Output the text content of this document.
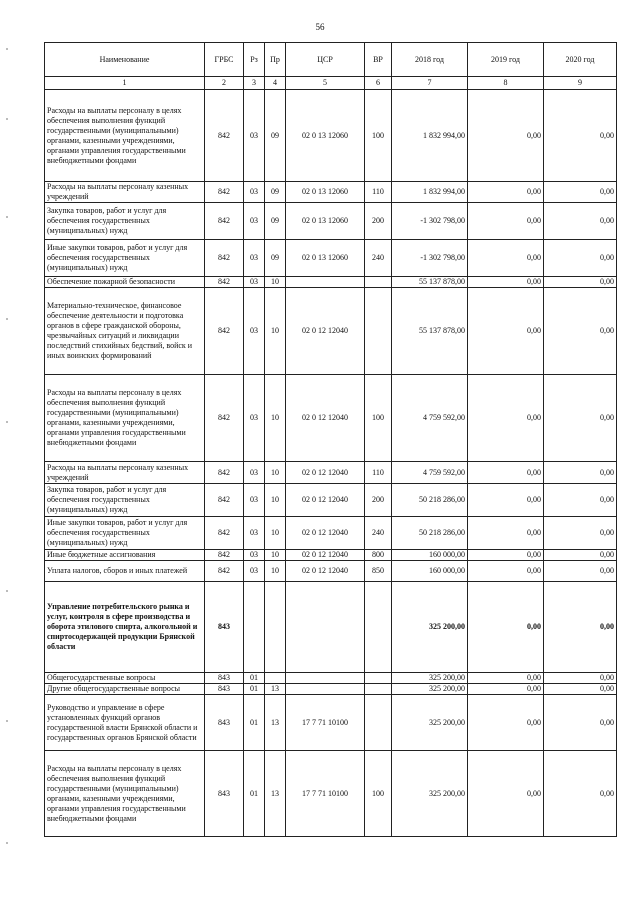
56
Наименование	ГРБС	Рз	Пр	ЦСР	ВР	2018 год	2019 год	2020 год
1	2	3	4	5	6	7	8	9
Расходы на выплаты персоналу в целях обеспечения выполнения функций государственными (муниципальными) органами, казенными учреждениями, органами управления государственными внебюджетными фондами	842	03	09	02 0 13 12060	100	1 832 994,00	0,00	0,00
Расходы на выплаты персоналу казенных учреждений	842	03	09	02 0 13 12060	110	1 832 994,00	0,00	0,00
Закупка товаров, работ и услуг для обеспечения государственных (муниципальных) нужд	842	03	09	02 0 13 12060	200	-1 302 798,00	0,00	0,00
Иные закупки товаров, работ и услуг для обеспечения государственных (муниципальных) нужд	842	03	09	02 0 13 12060	240	-1 302 798,00	0,00	0,00
Обеспечение пожарной безопасности	842	03	10			55 137 878,00	0,00	0,00
Материально-техническое, финансовое обеспечение деятельности и подготовка органов в сфере гражданской обороны, чрезвычайных ситуаций и ликвидации последствий стихийных бедствий, войск и иных воинских формирований	842	03	10	02 0 12 12040		55 137 878,00	0,00	0,00
Расходы на выплаты персоналу в целях обеспечения выполнения функций государственными (муниципальными) органами, казенными учреждениями, органами управления государственными внебюджетными фондами	842	03	10	02 0 12 12040	100	4 759 592,00	0,00	0,00
Расходы на выплаты персоналу казенных учреждений	842	03	10	02 0 12 12040	110	4 759 592,00	0,00	0,00
Закупка товаров, работ и услуг для обеспечения государственных (муниципальных) нужд	842	03	10	02 0 12 12040	200	50 218 286,00	0,00	0,00
Иные закупки товаров, работ и услуг для обеспечения государственных (муниципальных) нужд	842	03	10	02 0 12 12040	240	50 218 286,00	0,00	0,00
Иные бюджетные ассигнования	842	03	10	02 0 12 12040	800	160 000,00	0,00	0,00
Уплата налогов, сборов и иных платежей	842	03	10	02 0 12 12040	850	160 000,00	0,00	0,00
Управление потребительского рынка и услуг, контроля в сфере производства и оборота этилового спирта, алкогольной и спиртосодержащей продукции Брянской области	843					325 200,00	0,00	0,00
Общегосударственные вопросы	843	01				325 200,00	0,00	0,00
Другие общегосударственные вопросы	843	01	13			325 200,00	0,00	0,00
Руководство и управление в сфере установленных функций органов государственной власти Брянской области и государственных органов Брянской области	843	01	13	17 7 71 10100		325 200,00	0,00	0,00
Расходы на выплаты персоналу в целях обеспечения выполнения функций государственными (муниципальными) органами, казенными учреждениями, органами управления государственными внебюджетными фондами	843	01	13	17 7 71 10100	100	325 200,00	0,00	0,00
